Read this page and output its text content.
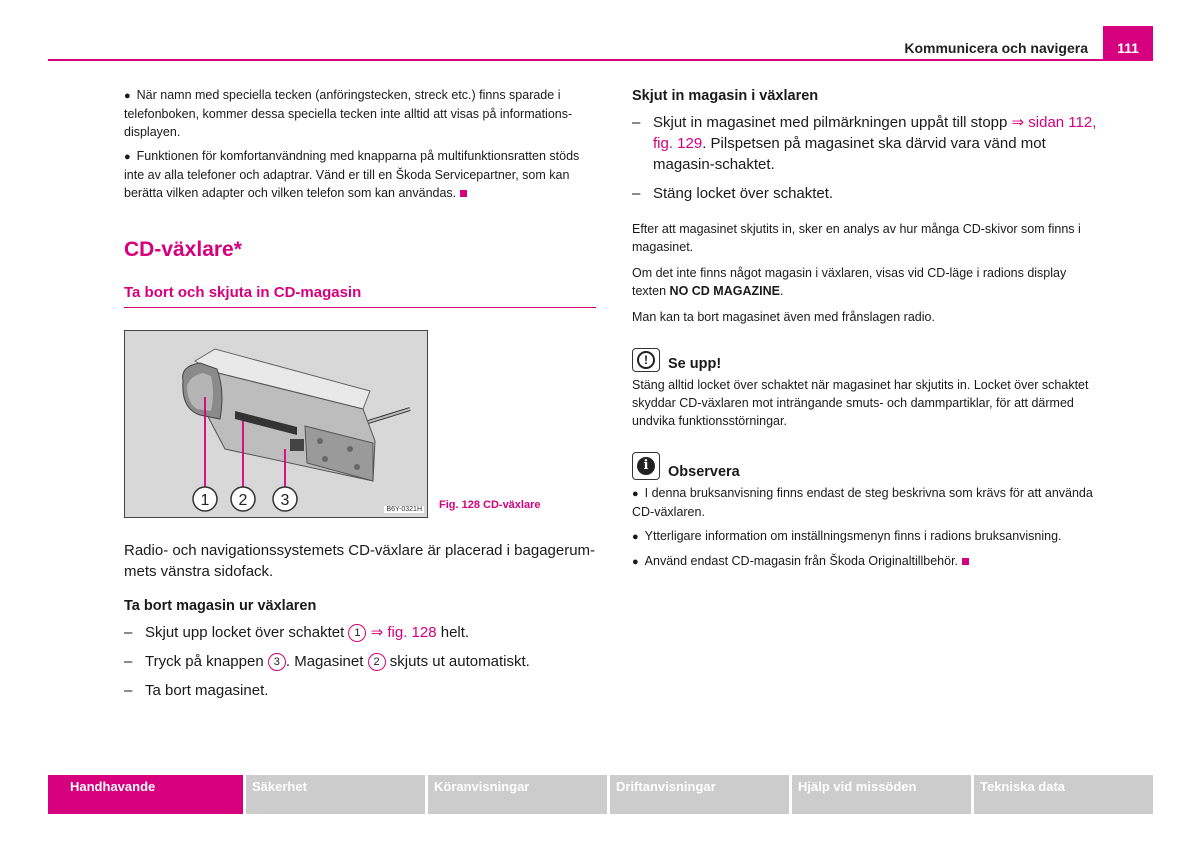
Kommunicera och navigera	111

● När namn med speciella tecken (anföringstecken, streck etc.) finns sparade i telefonboken, kommer dessa speciella tecken inte alltid att visas på informations-displayen.

● Funktionen för komfortanvändning med knapparna på multifunktionsratten stöds inte av alla telefoner och adaptrar. Vänd er till en Škoda Servicepartner, som kan berätta vilken adapter och vilken telefon som kan användas.

CD-växlare*
Ta bort och skjuta in CD-magasin
1 2 3
B6Y-0321H Fig. 128 CD-växlare

Radio- och navigationssystemets CD-växlare är placerad i bagagerum-mets vänstra sidofack.

Ta bort magasin ur växlaren

– Skjut upp locket över schaktet 1 ⇒ fig. 128 helt.

– Tryck på knappen 3 . Magasinet 2 skjuts ut automatiskt.

– Ta bort magasinet.

Skjut in magasin i växlaren

– Skjut in magasinet med pilmärkningen uppåt till stopp ⇒ sidan 112, fig. 129. Pilspetsen på magasinet ska därvid vara vänd mot magasin-schaktet.

– Stäng locket över schaktet.

Efter att magasinet skjutits in, sker en analys av hur många CD-skivor som finns i magasinet.

Om det inte finns något magasin i växlaren, visas vid CD-läge i radions display texten NO CD MAGAZINE.

Man kan ta bort magasinet även med frånslagen radio.

!	Se upp!

Stäng alltid locket över schaktet när magasinet har skjutits in. Locket över schaktet skyddar CD-växlaren mot inträngande smuts- och dammpartiklar, för att därmed undvika funktionsstörningar.

i	Observera

● I denna bruksanvisning finns endast de steg beskrivna som krävs för att använda CD-växlaren.

● Ytterligare information om inställningsmenyn finns i radions bruksanvisning.

● Använd endast CD-magasin från Škoda Originaltillbehör.

Handhavande	Säkerhet	Köranvisningar	Driftanvisningar	Hjälp vid missöden	Tekniska data
